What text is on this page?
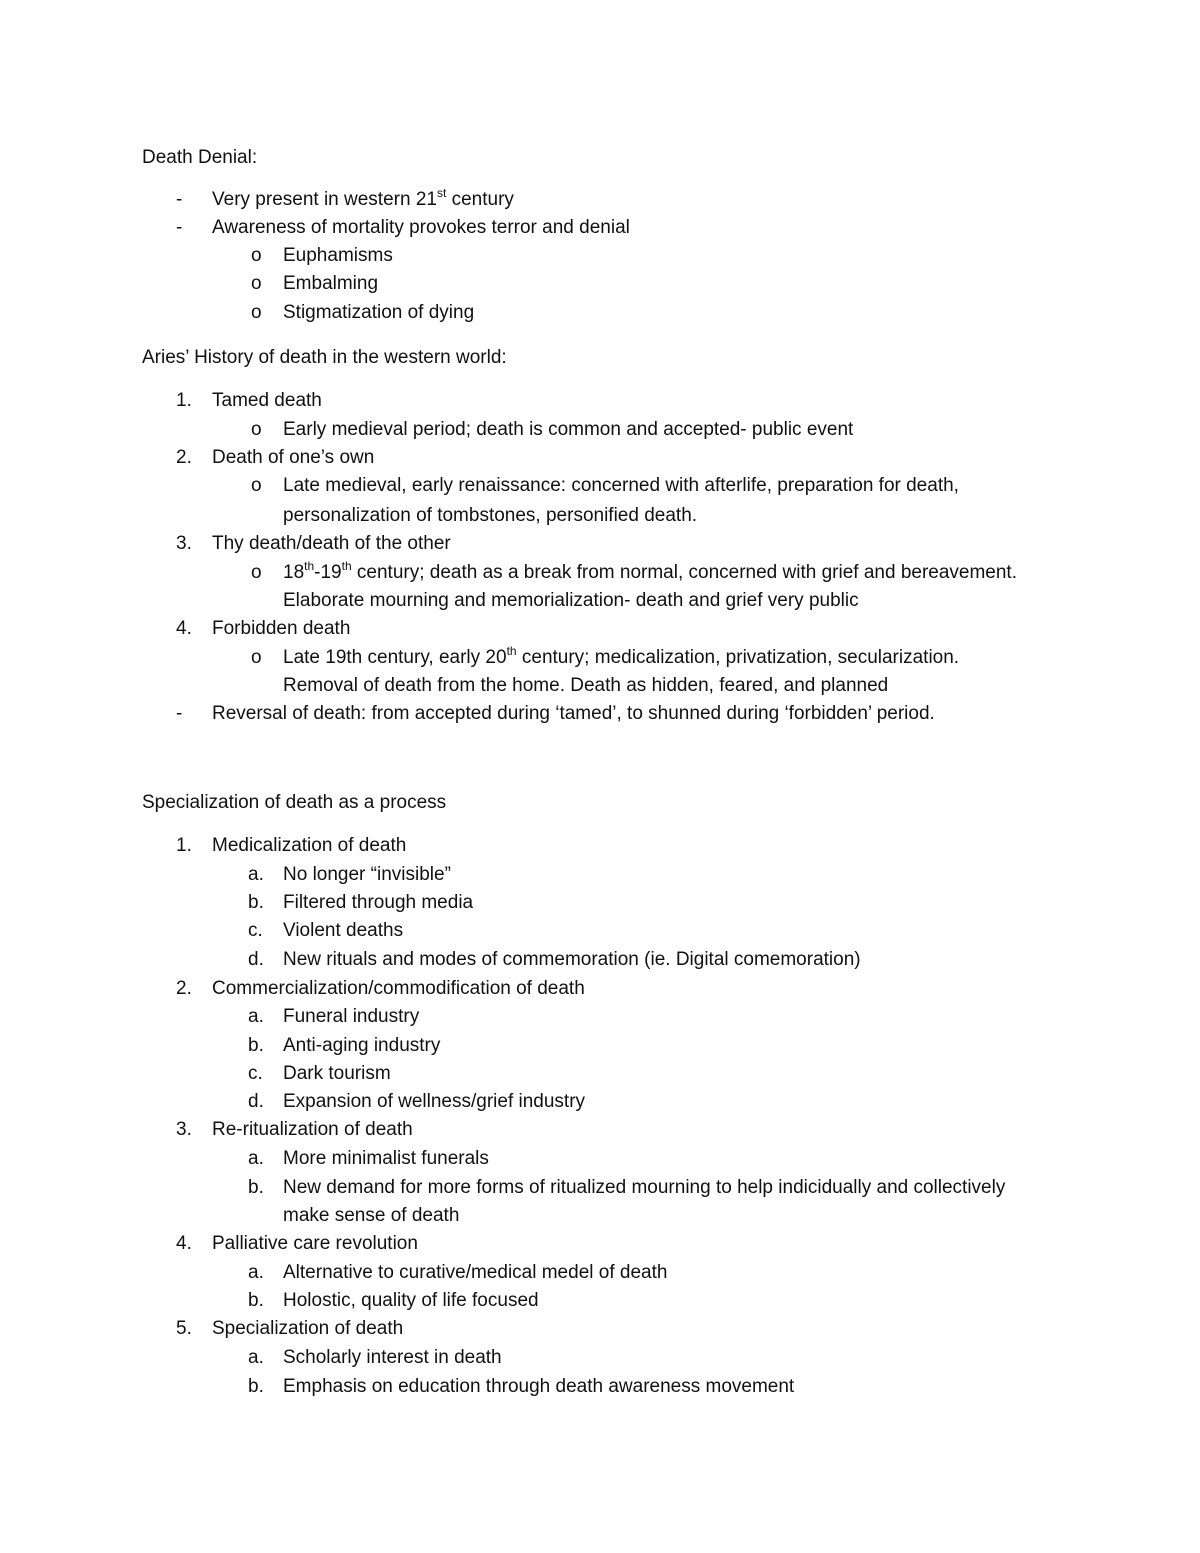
Death Denial:
- Very present in western 21st century
- Awareness of mortality provokes terror and denial
o Euphamisms
o Embalming
o Stigmatization of dying
Aries’ History of death in the western world:
1. Tamed death
o Early medieval period; death is common and accepted- public event
2. Death of one’s own
o Late medieval, early renaissance: concerned with afterlife, preparation for death,
personalization of tombstones, personified death.
3. Thy death/death of the other
o 18th-19th century; death as a break from normal, concerned with grief and bereavement.
Elaborate mourning and memorialization- death and grief very public
4. Forbidden death
o Late 19th century, early 20th century; medicalization, privatization, secularization.
Removal of death from the home. Death as hidden, feared, and planned
- Reversal of death: from accepted during ‘tamed’, to shunned during ‘forbidden’ period.
Specialization of death as a process
1. Medicalization of death
a. No longer “invisible”
b. Filtered through media
c. Violent deaths
d. New rituals and modes of commemoration (ie. Digital comemoration)
2. Commercialization/commodification of death
a. Funeral industry
b. Anti-aging industry
c. Dark tourism
d. Expansion of wellness/grief industry
3. Re-ritualization of death
a. More minimalist funerals
b. New demand for more forms of ritualized mourning to help indicidually and collectively
make sense of death
4. Palliative care revolution
a. Alternative to curative/medical medel of death
b. Holostic, quality of life focused
5. Specialization of death
a. Scholarly interest in death
b. Emphasis on education through death awareness movement
